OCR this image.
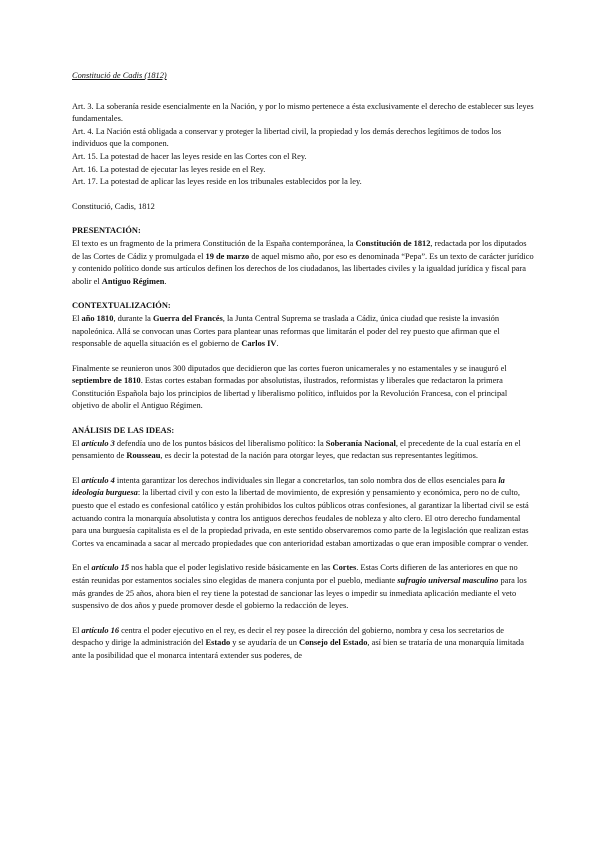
Constitució de Cadis (1812)

Art. 3. La soberanía reside esencialmente en la Nación, y por lo mismo pertenece a ésta exclusivamente el derecho de establecer sus leyes fundamentales.

Art. 4. La Nación está obligada a conservar y proteger la libertad civil, la propiedad y los demás derechos legítimos de todos los individuos que la componen.

Art. 15. La potestad de hacer las leyes reside en las Cortes con el Rey.

Art. 16. La potestad de ejecutar las leyes reside en el Rey.

Art. 17. La potestad de aplicar las leyes reside en los tribunales establecidos por la ley.

Constitució, Cadis, 1812

PRESENTACIÓN:

El texto es un fragmento de la primera Constitución de la España contemporánea, la Constitución de 1812, redactada por los diputados de las Cortes de Cádiz y promulgada el 19 de marzo de aquel mismo año, por eso es denominada “Pepa”. Es un texto de carácter jurídico y contenido político donde sus artículos definen los derechos de los ciudadanos, las libertades civiles y la igualdad jurídica y fiscal para abolir el Antiguo Régimen.

CONTEXTUALIZACIÓN:

El año 1810, durante la Guerra del Francés, la Junta Central Suprema se traslada a Cádiz, única ciudad que resiste la invasión napoleónica. Allá se convocan unas Cortes para plantear unas reformas que limitarán el poder del rey puesto que afirman que el responsable de aquella situación es el gobierno de Carlos IV.

Finalmente se reunieron unos 300 diputados que decidieron que las cortes fueron unicamerales y no estamentales y se inauguró el septiembre de 1810. Estas cortes estaban formadas por absolutistas, ilustrados, reformistas y liberales que redactaron la primera Constitución Española bajo los principios de libertad y liberalismo político, influidos por la Revolución Francesa, con el principal objetivo de abolir el Antiguo Régimen.

ANÁLISIS DE LAS IDEAS:

El artículo 3 defendía uno de los puntos básicos del liberalismo político: la Soberanía Nacional, el precedente de la cual estaría en el pensamiento de Rousseau, es decir la potestad de la nación para otorgar leyes, que redactan sus representantes legítimos.

El artículo 4 intenta garantizar los derechos individuales sin llegar a concretarlos, tan solo nombra dos de ellos esenciales para la ideología burguesa: la libertad civil y con esto la libertad de movimiento, de expresión y pensamiento y económica, pero no de culto, puesto que el estado es confesional católico y están prohibidos los cultos públicos otras confesiones, al garantizar la libertad civil se está actuando contra la monarquía absolutista y contra los antiguos derechos feudales de nobleza y alto clero. El otro derecho fundamental para una burguesía capitalista es el de la propiedad privada, en este sentido observaremos como parte de la legislación que realizan estas Cortes va encaminada a sacar al mercado propiedades que con anterioridad estaban amortizadas o que eran imposible comprar o vender.

En el artículo 15 nos habla que el poder legislativo reside básicamente en las Cortes. Estas Corts difieren de las anteriores en que no están reunidas por estamentos sociales sino elegidas de manera conjunta por el pueblo, mediante sufragio universal masculino para los más grandes de 25 años, ahora bien el rey tiene la potestad de sancionar las leyes o impedir su inmediata aplicación mediante el veto suspensivo de dos años y puede promover desde el gobierno la redacción de leyes.

El artículo 16 centra el poder ejecutivo en el rey, es decir el rey posee la dirección del gobierno, nombra y cesa los secretarios de despacho y dirige la administración del Estado y se ayudaría de un Consejo del Estado, así bien se trataría de una monarquía limitada ante la posibilidad que el monarca intentará extender sus poderes, de
